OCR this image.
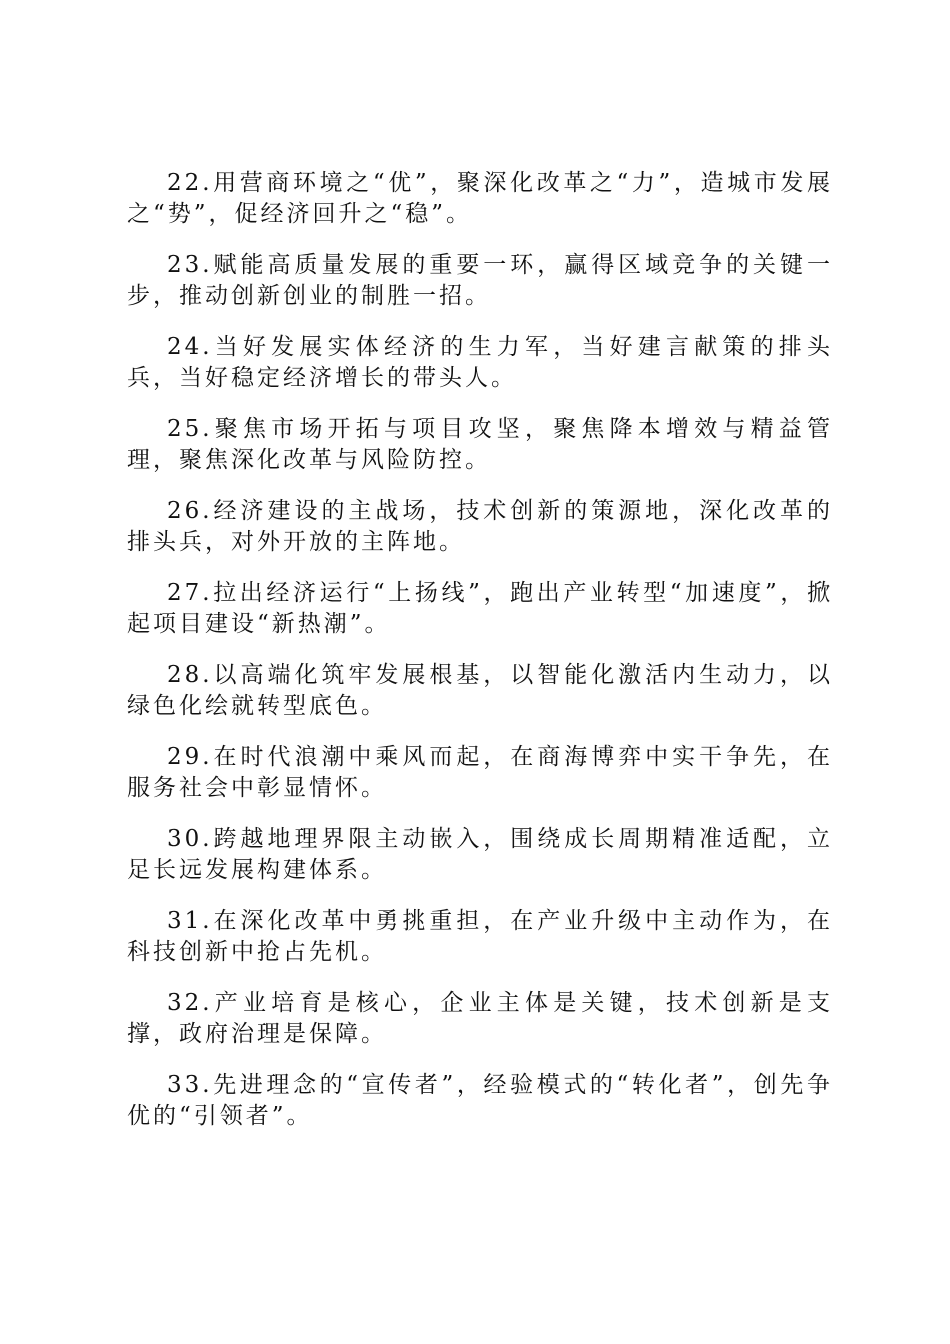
22.用营商环境之“优”，聚深化改革之“力”，造城市发展之“势”，促经济回升之“稳”。

23.赋能高质量发展的重要一环，赢得区域竞争的关键一步，推动创新创业的制胜一招。

24.当好发展实体经济的生力军，当好建言献策的排头兵，当好稳定经济增长的带头人。

25.聚焦市场开拓与项目攻坚，聚焦降本增效与精益管理，聚焦深化改革与风险防控。

26.经济建设的主战场，技术创新的策源地，深化改革的排头兵，对外开放的主阵地。

27.拉出经济运行“上扬线”，跑出产业转型“加速度”，掀起项目建设“新热潮”。

28.以高端化筑牢发展根基，以智能化激活内生动力，以绿色化绘就转型底色。

29.在时代浪潮中乘风而起，在商海博弈中实干争先，在服务社会中彰显情怀。

30.跨越地理界限主动嵌入，围绕成长周期精准适配，立足长远发展构建体系。

31.在深化改革中勇挑重担，在产业升级中主动作为，在科技创新中抢占先机。

32.产业培育是核心，企业主体是关键，技术创新是支撑，政府治理是保障。

33.先进理念的“宣传者”，经验模式的“转化者”，创先争优的“引领者”。
